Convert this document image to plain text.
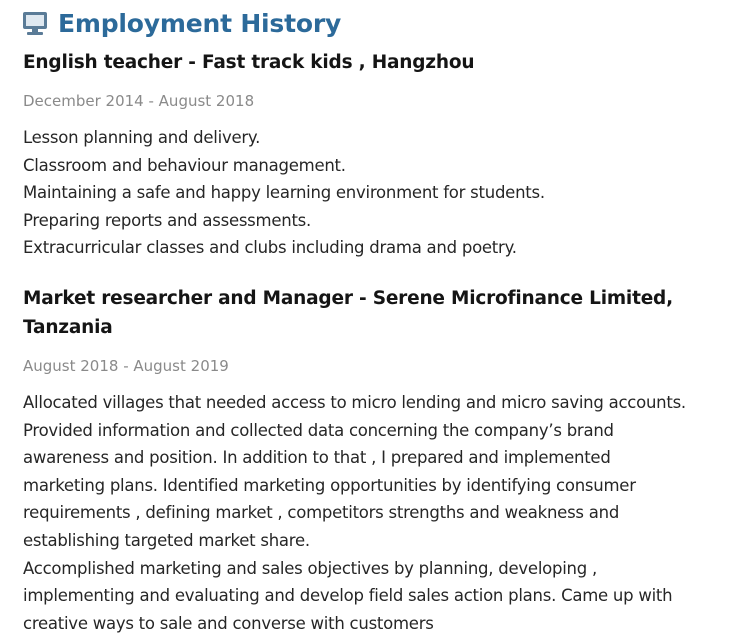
Employment History
English teacher - Fast track kids , Hangzhou
December 2014 - August 2018
Lesson planning and delivery.
Classroom and behaviour management.
Maintaining a safe and happy learning environment for students.
Preparing reports and assessments.
Extracurricular classes and clubs including drama and poetry.
Market researcher and Manager - Serene Microfinance Limited,
Tanzania
August 2018 - August 2019
Allocated villages that needed access to micro lending and micro saving accounts.
Provided information and collected data concerning the company’s brand
awareness and position. In addition to that , I prepared and implemented
marketing plans. Identified marketing opportunities by identifying consumer
requirements , defining market , competitors strengths and weakness and
establishing targeted market share.
Accomplished marketing and sales objectives by planning, developing ,
implementing and evaluating and develop field sales action plans. Came up with
creative ways to sale and converse with customers
